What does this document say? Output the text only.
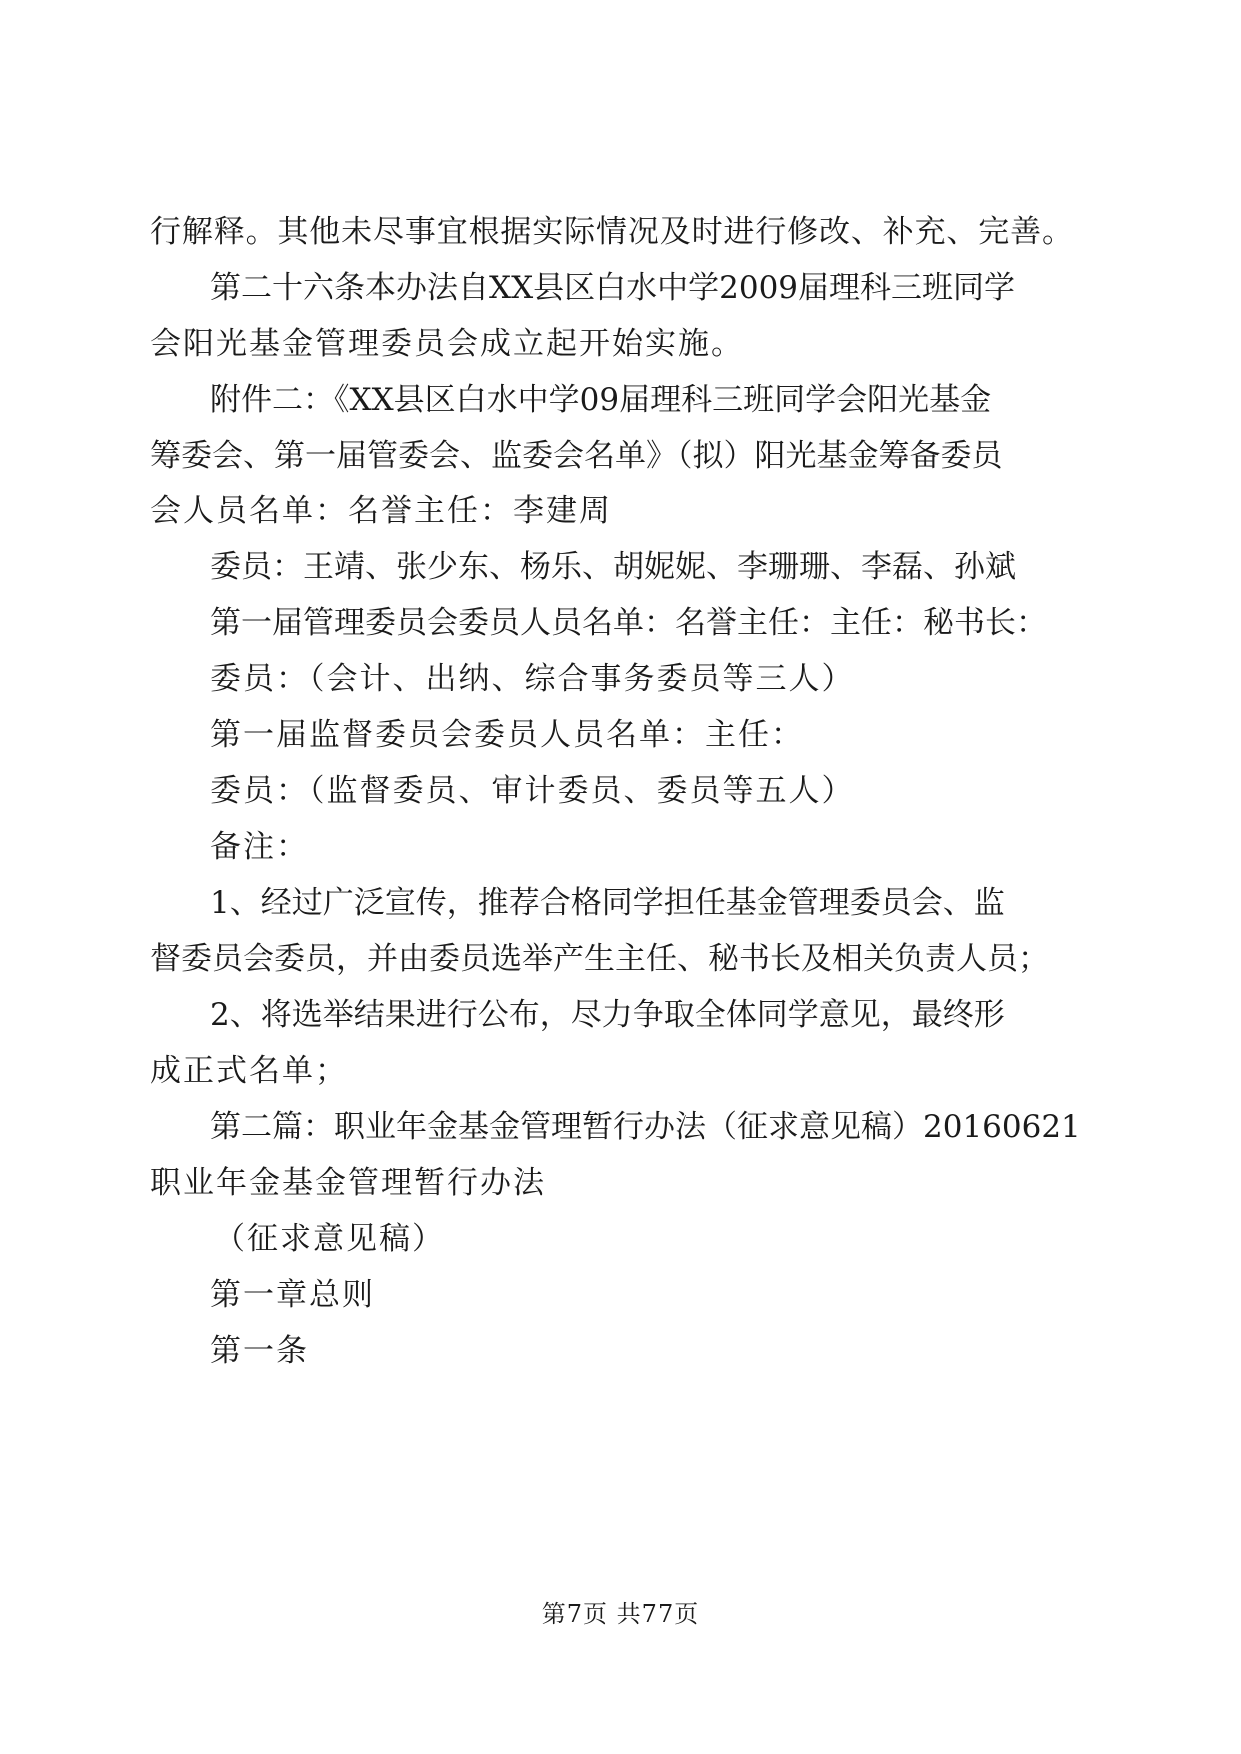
行解释。其他未尽事宜根据实际情况及时进行修改、补充、完善。
第二十六条本办法自XX县区白水中学2009届理科三班同学
会阳光基金管理委员会成立起开始实施。
附件二：《XX县区白水中学09届理科三班同学会阳光基金
筹委会、第一届管委会、监委会名单》（拟）阳光基金筹备委员
会人员名单：名誉主任：李建周
委员：王靖、张少东、杨乐、胡妮妮、李珊珊、李磊、孙斌
第一届管理委员会委员人员名单：名誉主任：主任：秘书长：
委员：（会计、出纳、综合事务委员等三人）
第一届监督委员会委员人员名单：主任：
委员：（监督委员、审计委员、委员等五人）
备注：
1、经过广泛宣传，推荐合格同学担任基金管理委员会、监
督委员会委员，并由委员选举产生主任、秘书长及相关负责人员；
2、将选举结果进行公布，尽力争取全体同学意见，最终形
成正式名单；
第二篇：职业年金基金管理暂行办法（征求意见稿）20160621
职业年金基金管理暂行办法
（征求意见稿）
第一章总则
第一条
第7页 共77页
